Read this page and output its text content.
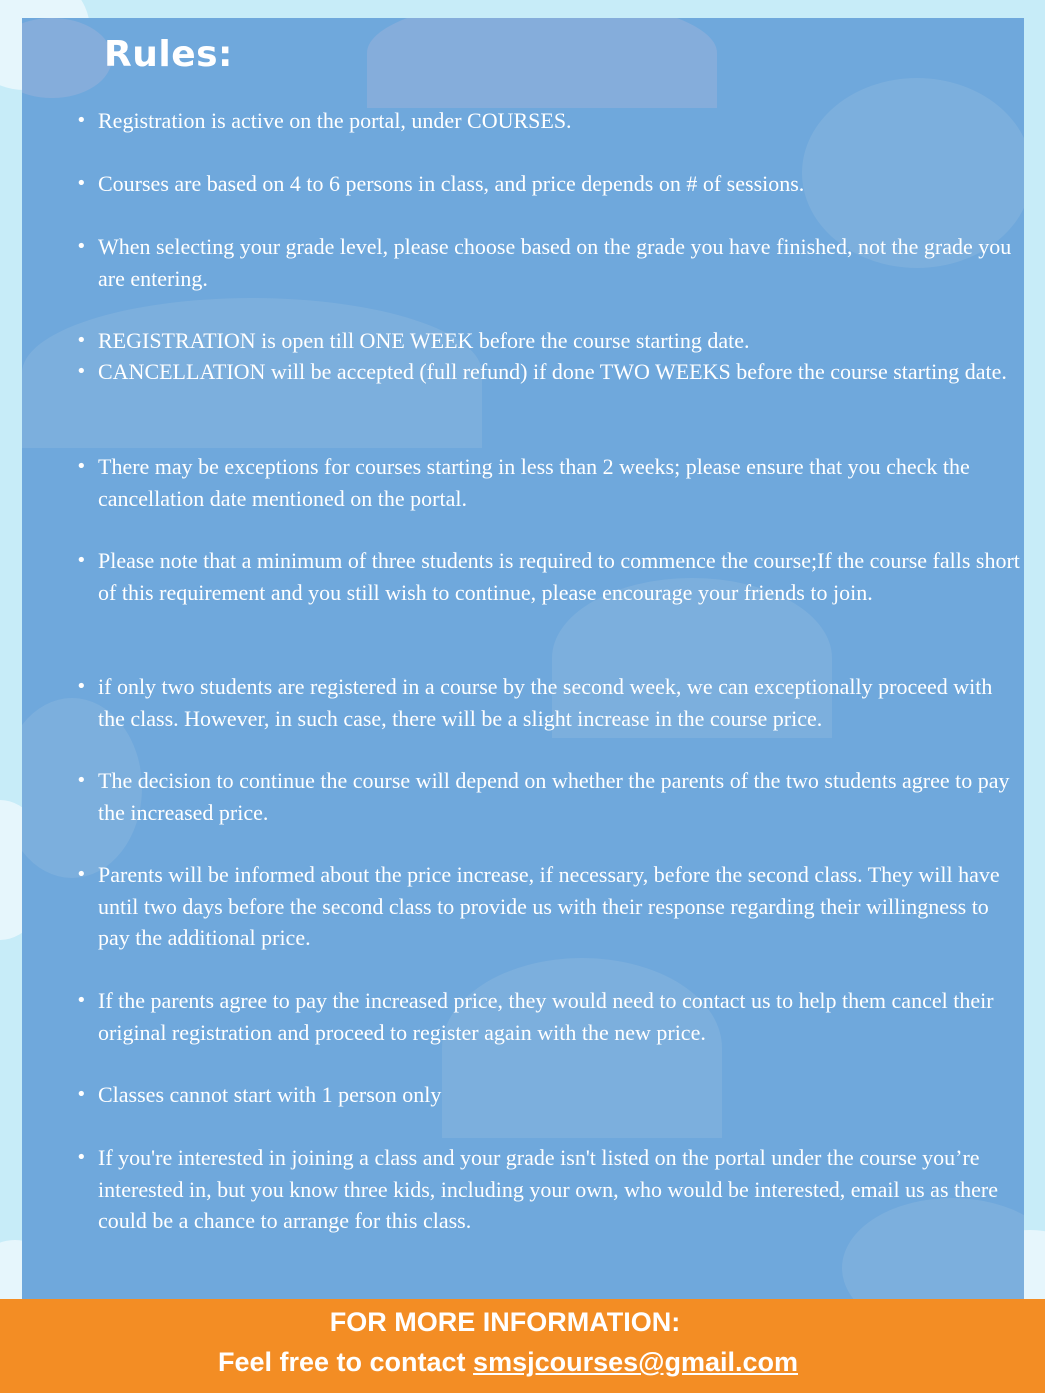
Rules:
• Registration is active on the portal, under COURSES.
• Courses are based on 4 to 6 persons in class, and price depends on # of sessions.
• When selecting your grade level, please choose based on the grade you have finished, not the grade you are entering.
• REGISTRATION is open till ONE WEEK before the course starting date.
• CANCELLATION will be accepted (full refund) if done TWO WEEKS before the course starting date.
• There may be exceptions for courses starting in less than 2 weeks; please ensure that you check the cancellation date mentioned on the portal.
• Please note that a minimum of three students is required to commence the course;If the course falls short of this requirement and you still wish to continue, please encourage your friends to join.
• if only two students are registered in a course by the second week, we can exceptionally proceed with the class. However, in such case, there will be a slight increase in the course price.
• The decision to continue the course will depend on whether the parents of the two students agree to pay the increased price.
• Parents will be informed about the price increase, if necessary, before the second class. They will have until two days before the second class to provide us with their response regarding their willingness to pay the additional price.
• If the parents agree to pay the increased price, they would need to contact us to help them cancel their original registration and proceed to register again with the new price.
• Classes cannot start with 1 person only
• If you're interested in joining a class and your grade isn't listed on the portal under the course you’re interested in, but you know three kids, including your own, who would be interested, email us as there could be a chance to arrange for this class.
FOR MORE INFORMATION:
Feel free to contact smsjcourses@gmail.com
